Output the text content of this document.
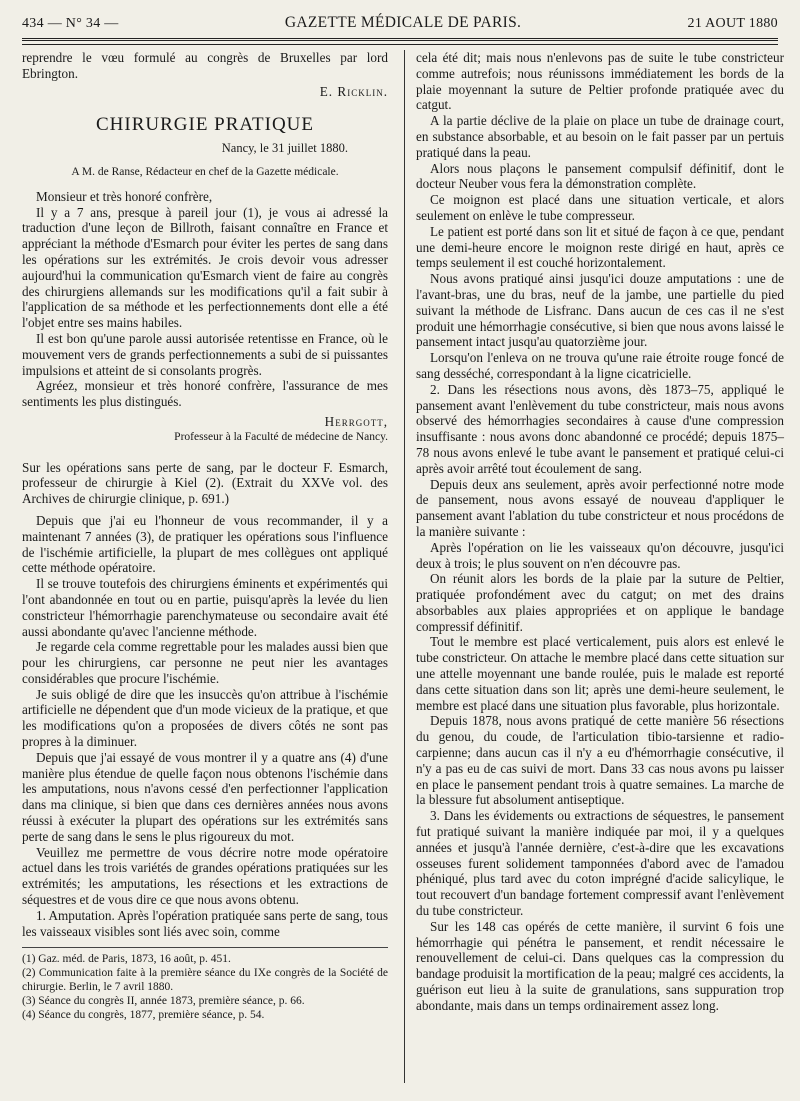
434 — N° 34 —	GAZETTE MÉDICALE DE PARIS.	21 AOUT 1880

reprendre le vœu formulé au congrès de Bruxelles par lord Ebrington.

E. Ricklin.
CHIRURGIE PRATIQUE
Nancy, le 31 juillet 1880.
A M. de Ranse, Rédacteur en chef de la Gazette médicale.

Monsieur et très honoré confrère,

Il y a 7 ans, presque à pareil jour (1), je vous ai adressé la traduction d'une leçon de Billroth, faisant connaître en France et appréciant la méthode d'Esmarch pour éviter les pertes de sang dans les opérations sur les extrémités. Je crois devoir vous adresser aujourd'hui la communication qu'Esmarch vient de faire au congrès des chirurgiens allemands sur les modifications qu'il a fait subir à l'application de sa méthode et les perfectionnements dont elle a été l'objet entre ses mains habiles.

Il est bon qu'une parole aussi autorisée retentisse en France, où le mouvement vers de grands perfectionnements a subi de si puissantes impulsions et atteint de si consolants progrès.

Agréez, monsieur et très honoré confrère, l'assurance de mes sentiments les plus distingués.

Herrgott,
Professeur à la Faculté de médecine de Nancy.

Sur les opérations sans perte de sang, par le docteur F. Esmarch, professeur de chirurgie à Kiel (2). (Extrait du XXVe vol. des Archives de chirurgie clinique, p. 691.)

Depuis que j'ai eu l'honneur de vous recommander, il y a maintenant 7 années (3), de pratiquer les opérations sous l'influence de l'ischémie artificielle, la plupart de mes collègues ont appliqué cette méthode opératoire.

Il se trouve toutefois des chirurgiens éminents et expérimentés qui l'ont abandonnée en tout ou en partie, puisqu'après la levée du lien constricteur l'hémorrhagie parenchymateuse ou secondaire avait été aussi abondante qu'avec l'ancienne méthode.

Je regarde cela comme regrettable pour les malades aussi bien que pour les chirurgiens, car personne ne peut nier les avantages considérables que procure l'ischémie.

Je suis obligé de dire que les insuccès qu'on attribue à l'ischémie artificielle ne dépendent que d'un mode vicieux de la pratique, et que les modifications qu'on a proposées de divers côtés ne sont pas propres à la diminuer.

Depuis que j'ai essayé de vous montrer il y a quatre ans (4) d'une manière plus étendue de quelle façon nous obtenons l'ischémie dans les amputations, nous n'avons cessé d'en perfectionner l'application dans ma clinique, si bien que dans ces dernières années nous avons réussi à exécuter la plupart des opérations sur les extrémités sans perte de sang dans le sens le plus rigoureux du mot.

Veuillez me permettre de vous décrire notre mode opératoire actuel dans les trois variétés de grandes opérations pratiquées sur les extrémités; les amputations, les résections et les extractions de séquestres et de vous dire ce que nous avons obtenu.

1. Amputation. Après l'opération pratiquée sans perte de sang, tous les vaisseaux visibles sont liés avec soin, comme

(1) Gaz. méd. de Paris, 1873, 16 août, p. 451.
(2) Communication faite à la première séance du IXe congrès de la Société de chirurgie. Berlin, le 7 avril 1880.
(3) Séance du congrès II, année 1873, première séance, p. 66.
(4) Séance du congrès, 1877, première séance, p. 54.

cela été dit; mais nous n'enlevons pas de suite le tube constricteur comme autrefois; nous réunissons immédiatement les bords de la plaie moyennant la suture de Peltier profonde pratiquée avec du catgut.

A la partie déclive de la plaie on place un tube de drainage court, en substance absorbable, et au besoin on le fait passer par un pertuis pratiqué dans la peau.

Alors nous plaçons le pansement compulsif définitif, dont le docteur Neuber vous fera la démonstration complète.

Ce moignon est placé dans une situation verticale, et alors seulement on enlève le tube compresseur.

Le patient est porté dans son lit et situé de façon à ce que, pendant une demi-heure encore le moignon reste dirigé en haut, après ce temps seulement il est couché horizontalement.

Nous avons pratiqué ainsi jusqu'ici douze amputations : une de l'avant-bras, une du bras, neuf de la jambe, une partielle du pied suivant la méthode de Lisfranc. Dans aucun de ces cas il ne s'est produit une hémorrhagie consécutive, si bien que nous avons laissé le pansement intact jusqu'au quatorzième jour.

Lorsqu'on l'enleva on ne trouva qu'une raie étroite rouge foncé de sang desséché, correspondant à la ligne cicatricielle.

2. Dans les résections nous avons, dès 1873–75, appliqué le pansement avant l'enlèvement du tube constricteur, mais nous avons observé des hémorrhagies secondaires à cause d'une compression insuffisante : nous avons donc abandonné ce procédé; depuis 1875–78 nous avons enlevé le tube avant le pansement et pratiqué celui-ci après avoir arrêté tout écoulement de sang.

Depuis deux ans seulement, après avoir perfectionné notre mode de pansement, nous avons essayé de nouveau d'appliquer le pansement avant l'ablation du tube constricteur et nous procédons de la manière suivante :

Après l'opération on lie les vaisseaux qu'on découvre, jusqu'ici deux à trois; le plus souvent on n'en découvre pas.

On réunit alors les bords de la plaie par la suture de Peltier, pratiquée profondément avec du catgut; on met des drains absorbables aux plaies appropriées et on applique le bandage compressif définitif.

Tout le membre est placé verticalement, puis alors est enlevé le tube constricteur. On attache le membre placé dans cette situation sur une attelle moyennant une bande roulée, puis le malade est reporté dans cette situation dans son lit; après une demi-heure seulement, le membre est placé dans une situation plus favorable, plus horizontale.

Depuis 1878, nous avons pratiqué de cette manière 56 résections du genou, du coude, de l'articulation tibio-tarsienne et radio-carpienne; dans aucun cas il n'y a eu d'hémorrhagie consécutive, il n'y a pas eu de cas suivi de mort. Dans 33 cas nous avons pu laisser en place le pansement pendant trois à quatre semaines. La marche de la blessure fut absolument antiseptique.

3. Dans les évidements ou extractions de séquestres, le pansement fut pratiqué suivant la manière indiquée par moi, il y a quelques années et jusqu'à l'année dernière, c'est-à-dire que les excavations osseuses furent solidement tamponnées d'abord avec de l'amadou phéniqué, plus tard avec du coton imprégné d'acide salicylique, le tout recouvert d'un bandage fortement compressif avant l'enlèvement du tube constricteur.

Sur les 148 cas opérés de cette manière, il survint 6 fois une hémorrhagie qui pénétra le pansement, et rendit nécessaire le renouvellement de celui-ci. Dans quelques cas la compression du bandage produisit la mortification de la peau; malgré ces accidents, la guérison eut lieu à la suite de granulations, sans suppuration trop abondante, mais dans un temps ordinairement assez long.
